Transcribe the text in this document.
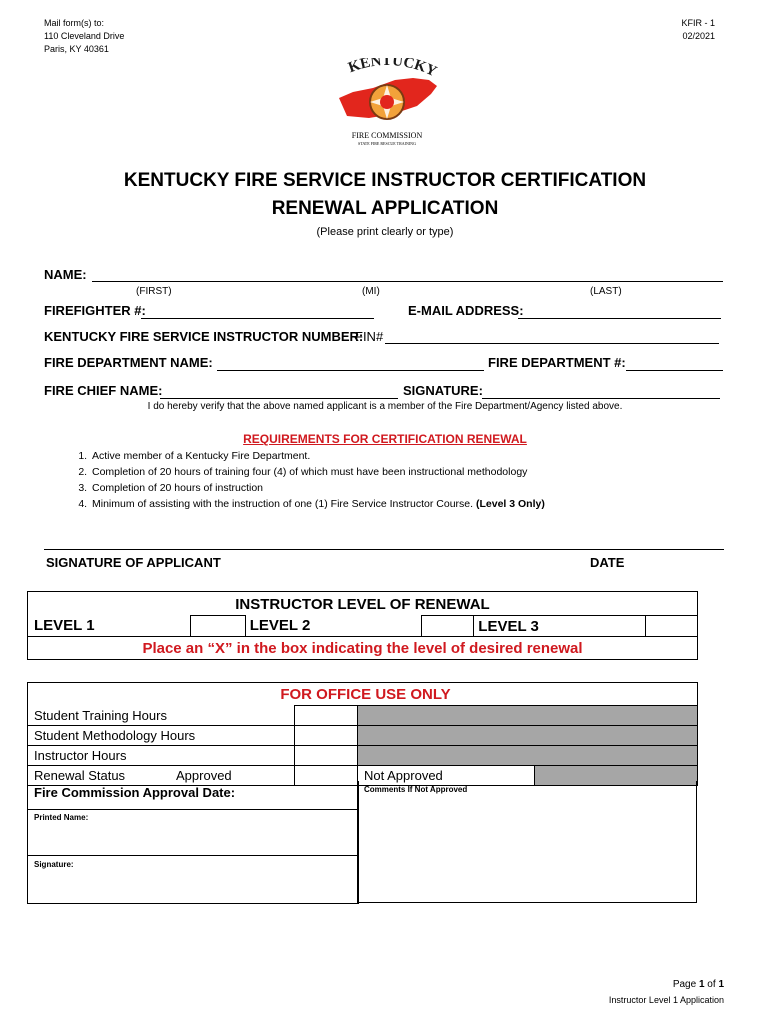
Mail form(s) to:
110 Cleveland Drive
Paris, KY 40361
KFIR - 1
02/2021
KENTUCKY
FIRE COMMISSION
STATE FIRE RESCUE TRAINING
KENTUCKY FIRE SERVICE INSTRUCTOR CERTIFICATION
RENEWAL APPLICATION
(Please print clearly or type)
NAME:
(FIRST)	(MI)	(LAST)
FIREFIGHTER #:	E-MAIL ADDRESS:
KENTUCKY FIRE SERVICE INSTRUCTOR NUMBER:
FIN#
FIRE DEPARTMENT NAME:	FIRE DEPARTMENT #:
FIRE CHIEF NAME:	SIGNATURE:
I do hereby verify that the above named applicant is a member of the Fire Department/Agency listed above.
REQUIREMENTS FOR CERTIFICATION RENEWAL
1. Active member of a Kentucky Fire Department.
2. Completion of 20 hours of training four (4) of which must have been instructional methodology
3. Completion of 20 hours of instruction
4. Minimum of assisting with the instruction of one (1) Fire Service Instructor Course. (Level 3 Only)
SIGNATURE OF APPLICANT	DATE
INSTRUCTOR LEVEL OF RENEWAL
LEVEL 1		LEVEL 2		LEVEL 3	
Place an “X” in the box indicating the level of desired renewal
FOR OFFICE USE ONLY				
Student Training Hours				
Student Methodology Hours				
Instructor Hours				
Renewal Status	Approved		Not Approved	
Fire Commission Approval Date:
Printed Name:
Signature:
Comments If Not Approved
Page 1 of 1
Instructor Level 1 Application
